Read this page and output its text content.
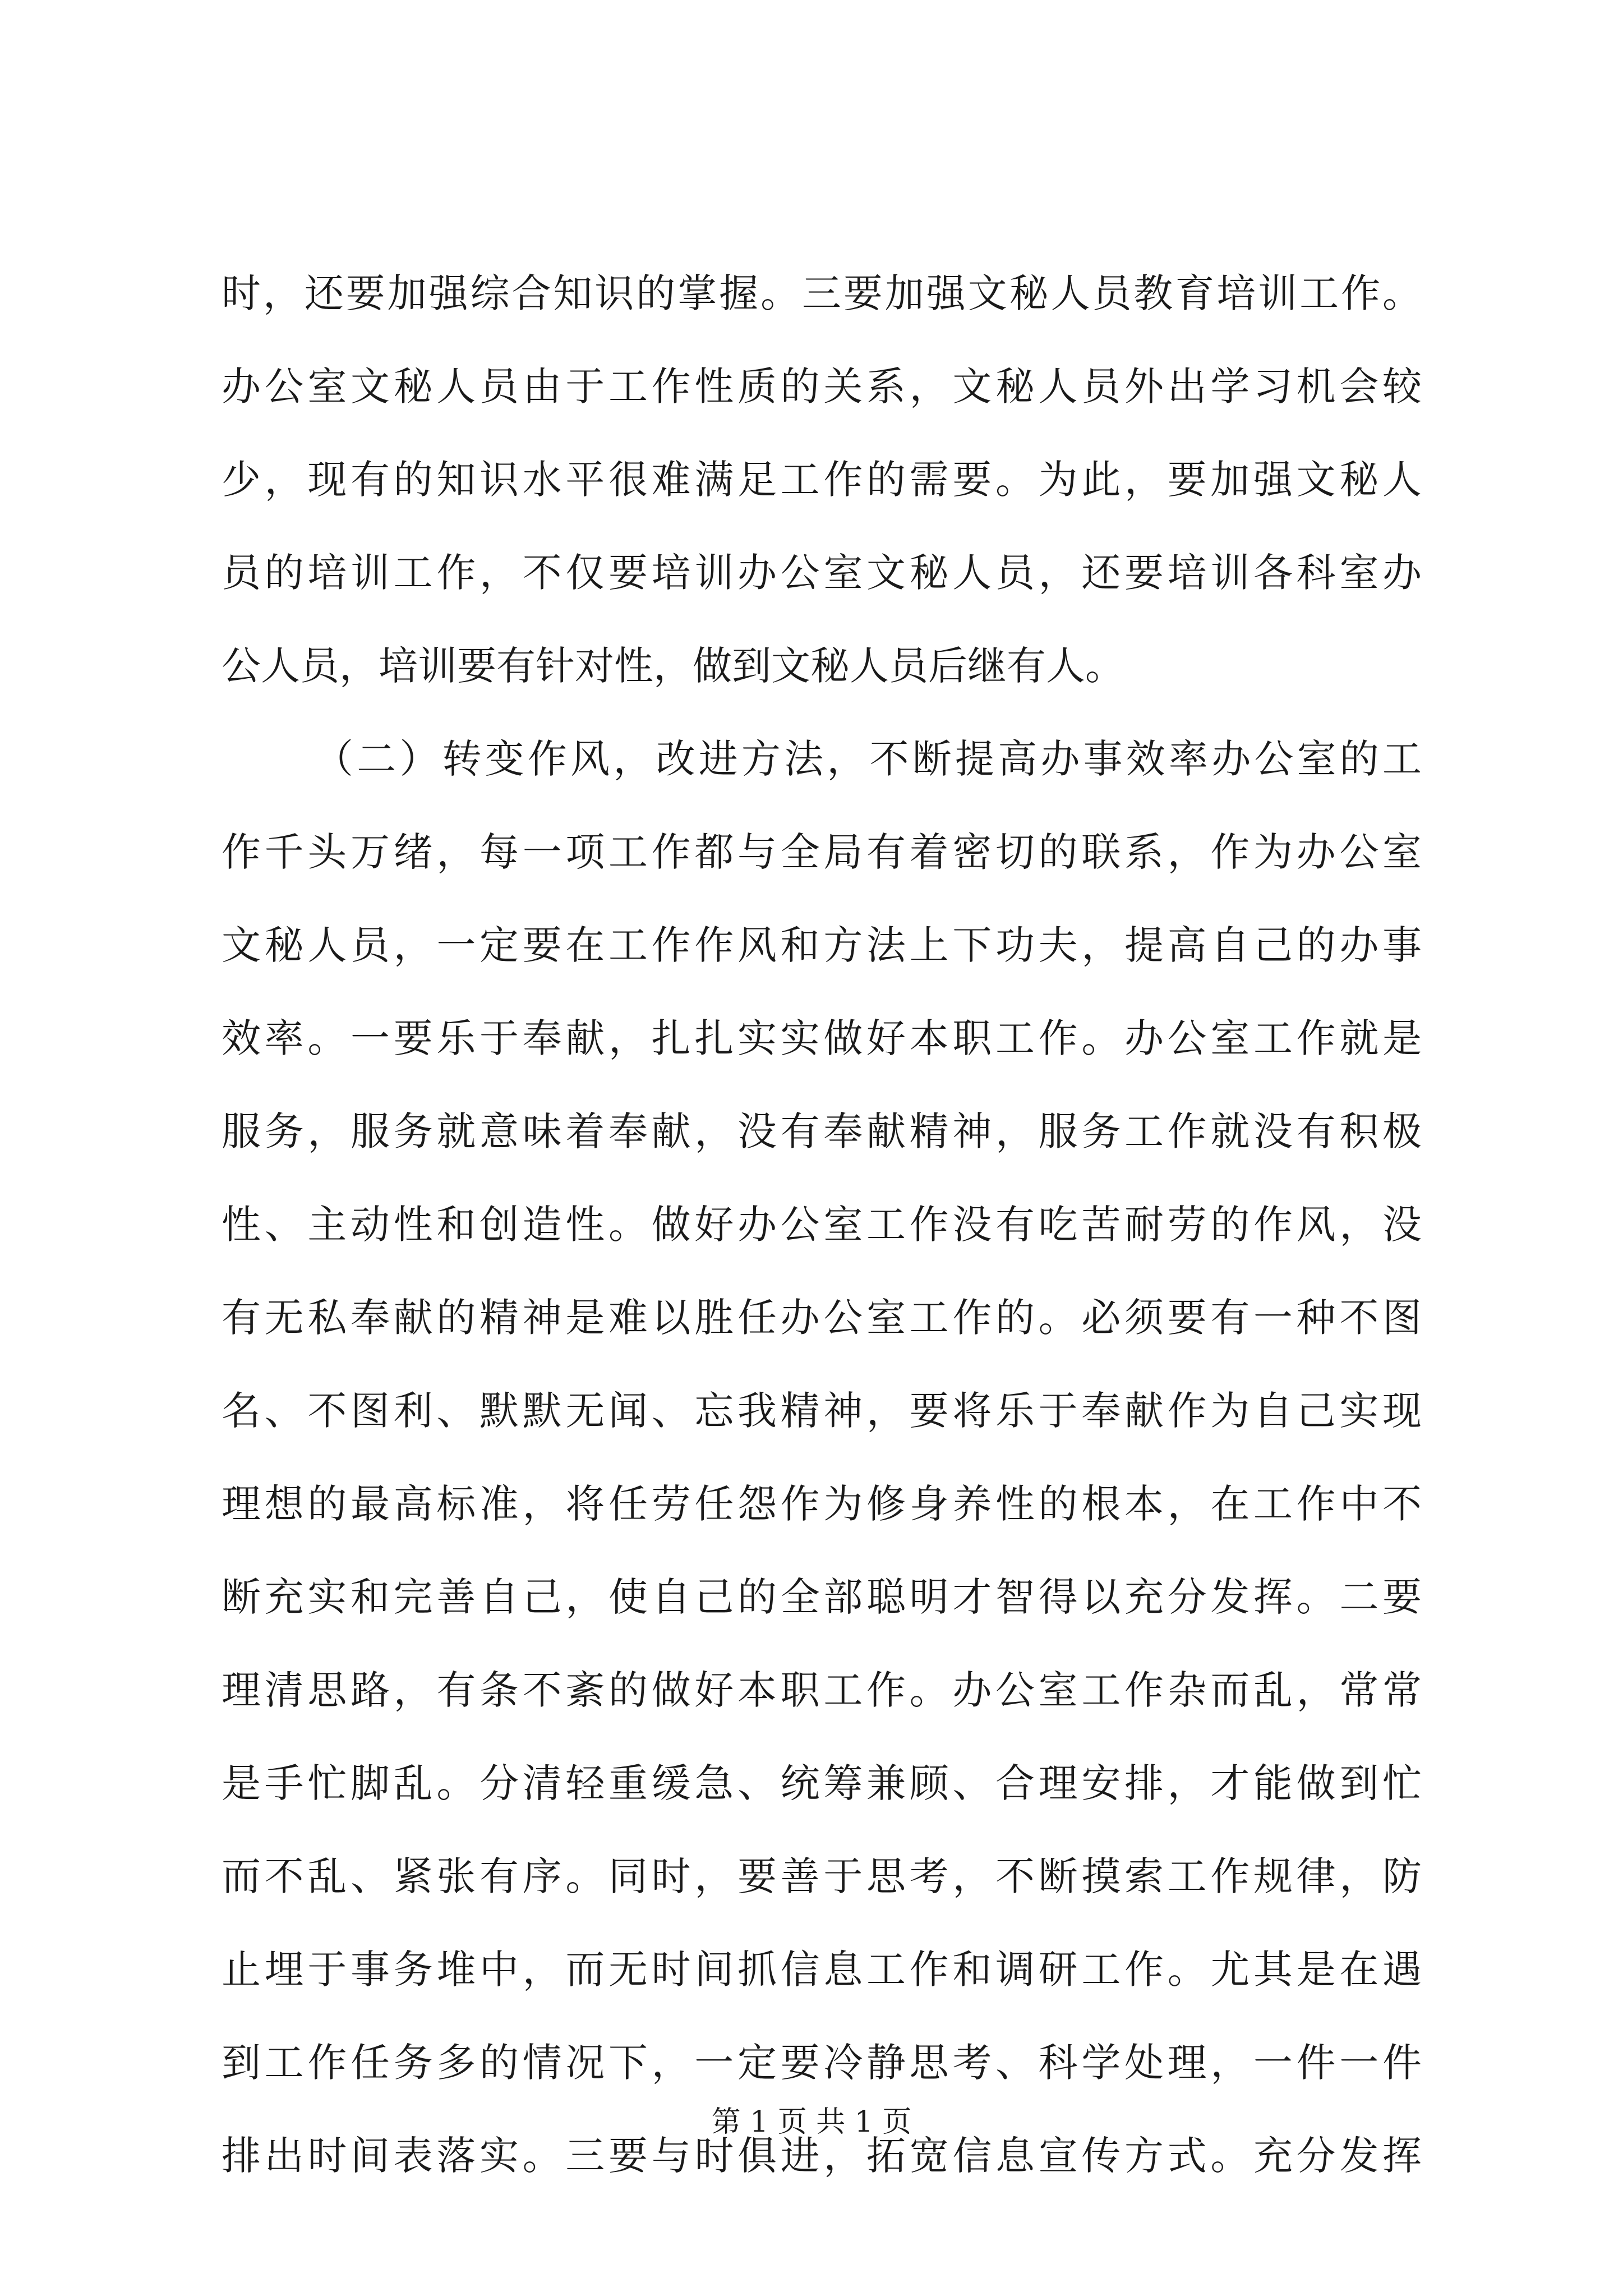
时，还要加强综合知识的掌握。三要加强文秘人员教育培训工作。
办公室文秘人员由于工作性质的关系，文秘人员外出学习机会较
少，现有的知识水平很难满足工作的需要。为此，要加强文秘人
员的培训工作，不仅要培训办公室文秘人员，还要培训各科室办
公人员，培训要有针对性，做到文秘人员后继有人。
（二）转变作风，改进方法，不断提高办事效率办公室的工
作千头万绪，每一项工作都与全局有着密切的联系，作为办公室
文秘人员，一定要在工作作风和方法上下功夫，提高自己的办事
效率。一要乐于奉献，扎扎实实做好本职工作。办公室工作就是
服务，服务就意味着奉献，没有奉献精神，服务工作就没有积极
性、主动性和创造性。做好办公室工作没有吃苦耐劳的作风，没
有无私奉献的精神是难以胜任办公室工作的。必须要有一种不图
名、不图利、默默无闻、忘我精神，要将乐于奉献作为自己实现
理想的最高标准，将任劳任怨作为修身养性的根本，在工作中不
断充实和完善自己，使自己的全部聪明才智得以充分发挥。二要
理清思路，有条不紊的做好本职工作。办公室工作杂而乱，常常
是手忙脚乱。分清轻重缓急、统筹兼顾、合理安排，才能做到忙
而不乱、紧张有序。同时，要善于思考，不断摸索工作规律，防
止埋于事务堆中，而无时间抓信息工作和调研工作。尤其是在遇
到工作任务多的情况下，一定要冷静思考、科学处理，一件一件
排出时间表落实。三要与时俱进，拓宽信息宣传方式。充分发挥
第 1 页 共 1 页
